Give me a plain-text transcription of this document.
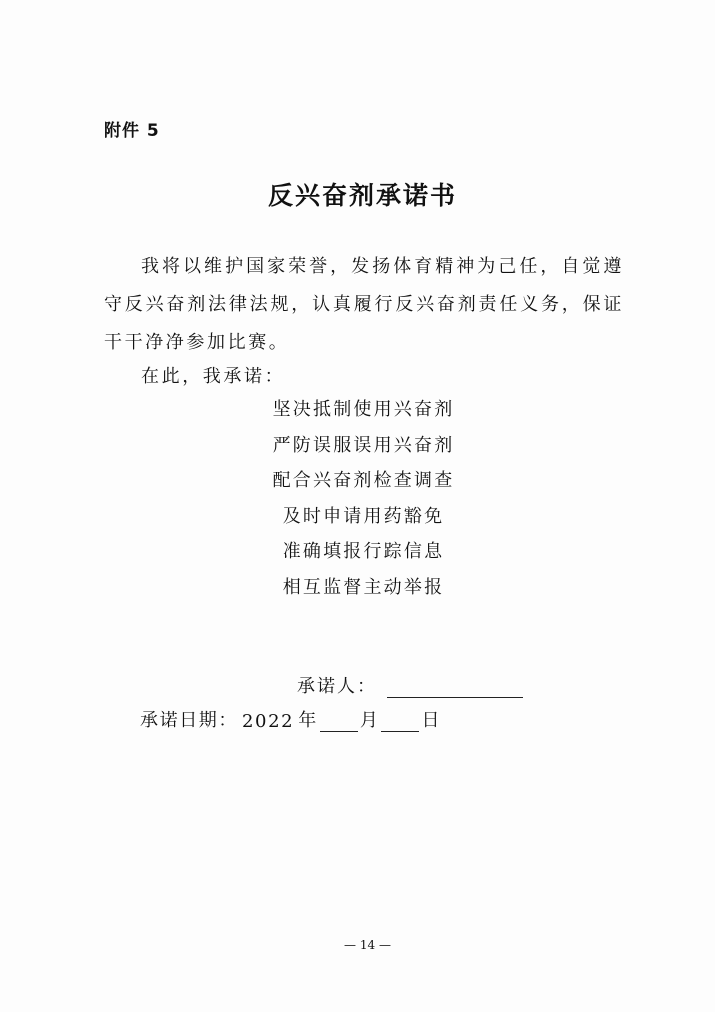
附件 5
反兴奋剂承诺书

我将以维护国家荣誉，发扬体育精神为己任，自觉遵守反兴奋剂法律法规，认真履行反兴奋剂责任义务，保证干干净净参加比赛。

在此，我承诺：

坚决抵制使用兴奋剂
严防误服误用兴奋剂
配合兴奋剂检查调查
及时申请用药豁免
准确填报行踪信息
相互监督主动举报
承诺人：
承诺日期： 2022 年 月 日
— 14 —
